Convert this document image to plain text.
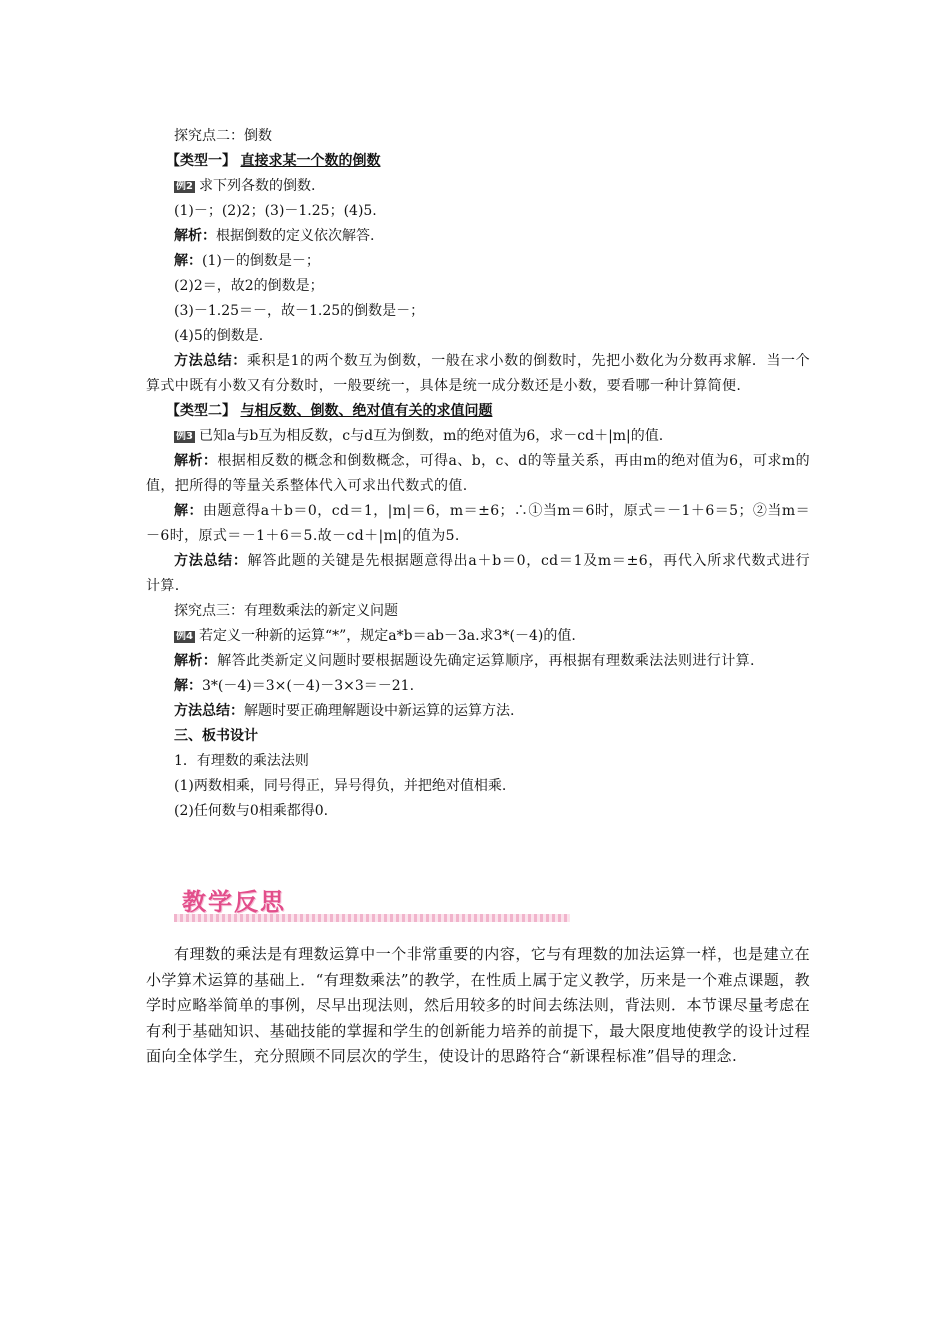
探究点二：倒数
【类型一】 直接求某一个数的倒数
例2 求下列各数的倒数.
(1)－；(2)2；(3)－1.25；(4)5.
解析：根据倒数的定义依次解答.
解：(1)－的倒数是－；
(2)2＝，故2的倒数是；
(3)－1.25＝－，故－1.25的倒数是－；
(4)5的倒数是.
方法总结：乘积是1的两个数互为倒数，一般在求小数的倒数时，先把小数化为分数再求解．当一个算式中既有小数又有分数时，一般要统一，具体是统一成分数还是小数，要看哪一种计算简便.
【类型二】 与相反数、倒数、绝对值有关的求值问题
例3 已知a与b互为相反数，c与d互为倒数，m的绝对值为6，求－cd＋|m|的值.
解析：根据相反数的概念和倒数概念，可得a、b，c、d的等量关系，再由m的绝对值为6，可求m的值，把所得的等量关系整体代入可求出代数式的值.
解：由题意得a＋b＝0，cd＝1，|m|＝6，m＝±6；∴①当m＝6时，原式＝－1＋6＝5；②当m＝－6时，原式＝－1＋6＝5.故－cd＋|m|的值为5.
方法总结：解答此题的关键是先根据题意得出a＋b＝0，cd＝1及m＝±6，再代入所求代数式进行计算.
探究点三：有理数乘法的新定义问题
例4 若定义一种新的运算“*”，规定a*b＝ab－3a.求3*(－4)的值.
解析：解答此类新定义问题时要根据题设先确定运算顺序，再根据有理数乘法法则进行计算.
解：3*(－4)＝3×(－4)－3×3＝－21.
方法总结：解题时要正确理解题设中新运算的运算方法.
三、板书设计
1．有理数的乘法法则
(1)两数相乘，同号得正，异号得负，并把绝对值相乘.
(2)任何数与0相乘都得0.
教学反思
有理数的乘法是有理数运算中一个非常重要的内容，它与有理数的加法运算一样，也是建立在小学算术运算的基础上．“有理数乘法”的教学，在性质上属于定义教学，历来是一个难点课题，教学时应略举简单的事例，尽早出现法则，然后用较多的时间去练法则，背法则．本节课尽量考虑在有利于基础知识、基础技能的掌握和学生的创新能力培养的前提下，最大限度地使教学的设计过程面向全体学生，充分照顾不同层次的学生，使设计的思路符合“新课程标准”倡导的理念.
